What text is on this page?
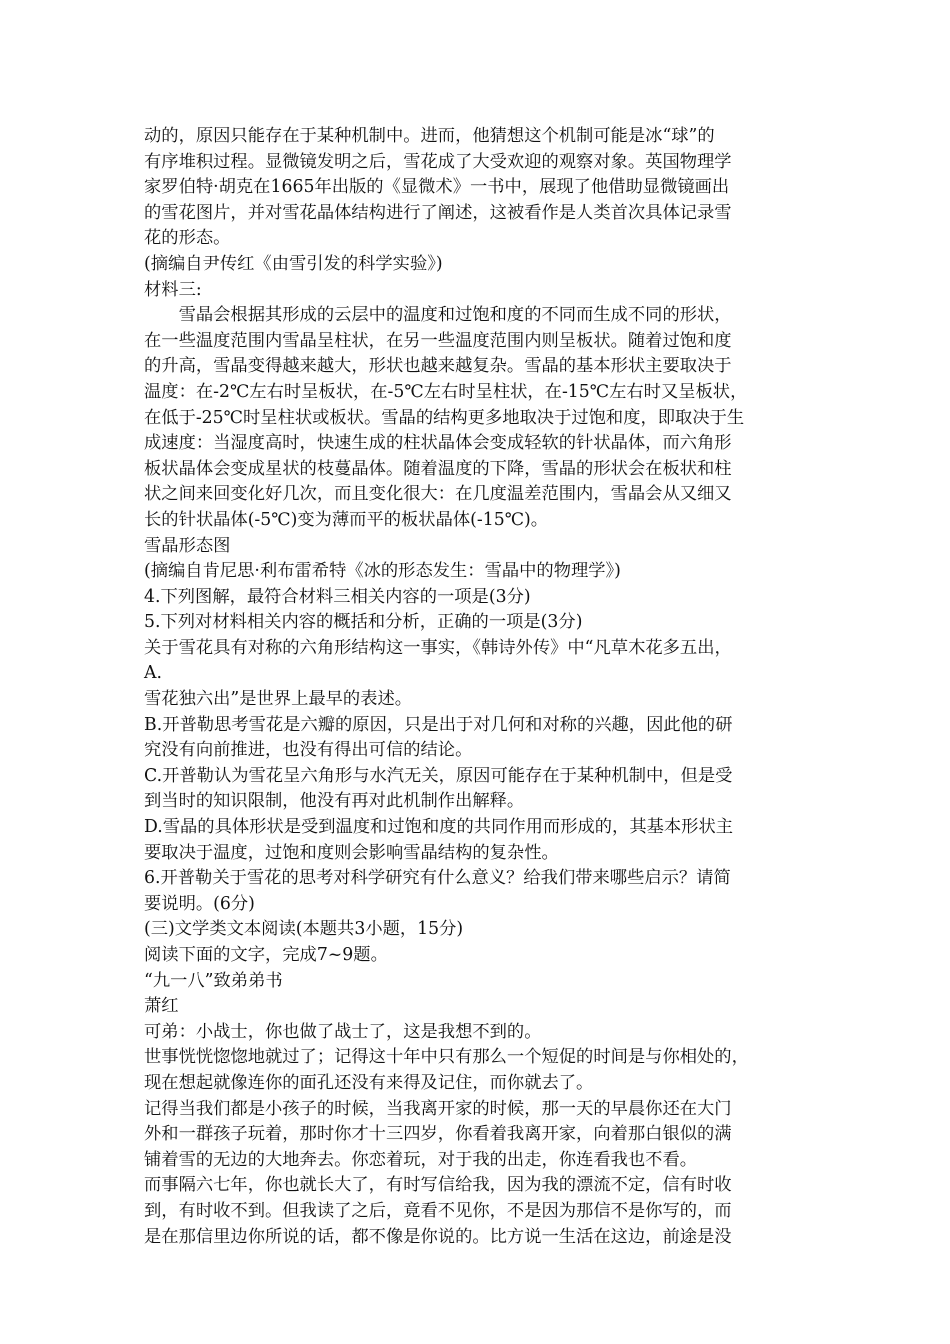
动的，原因只能存在于某种机制中。进而，他猜想这个机制可能是冰“球”的
有序堆积过程。显微镜发明之后，雪花成了大受欢迎的观察对象。英国物理学
家罗伯特·胡克在1665年出版的《显微术》一书中，展现了他借助显微镜画出
的雪花图片，并对雪花晶体结构进行了阐述，这被看作是人类首次具体记录雪
花的形态。
(摘编自尹传红《由雪引发的科学实验》)
材料三:
　　雪晶会根据其形成的云层中的温度和过饱和度的不同而生成不同的形状，
在一些温度范围内雪晶呈柱状，在另一些温度范围内则呈板状。随着过饱和度
的升高，雪晶变得越来越大，形状也越来越复杂。雪晶的基本形状主要取决于
温度：在-2℃左右时呈板状，在-5℃左右时呈柱状，在-15℃左右时又呈板状，
在低于-25℃时呈柱状或板状。雪晶的结构更多地取决于过饱和度，即取决于生
成速度：当湿度高时，快速生成的柱状晶体会变成轻软的针状晶体，而六角形
板状晶体会变成星状的枝蔓晶体。随着温度的下降，雪晶的形状会在板状和柱
状之间来回变化好几次，而且变化很大：在几度温差范围内，雪晶会从又细又
长的针状晶体(-5℃)变为薄而平的板状晶体(-15℃)。
雪晶形态图
(摘编自肯尼思·利布雷希特《冰的形态发生：雪晶中的物理学》)
4.下列图解，最符合材料三相关内容的一项是(3分)
5.下列对材料相关内容的概括和分析，正确的一项是(3分)
关于雪花具有对称的六角形结构这一事实，《韩诗外传》中“凡草木花多五出，
A.
雪花独六出”是世界上最早的表述。
B.开普勒思考雪花是六瓣的原因，只是出于对几何和对称的兴趣，因此他的研
究没有向前推进，也没有得出可信的结论。
C.开普勒认为雪花呈六角形与水汽无关，原因可能存在于某种机制中，但是受
到当时的知识限制，他没有再对此机制作出解释。
D.雪晶的具体形状是受到温度和过饱和度的共同作用而形成的，其基本形状主
要取决于温度，过饱和度则会影响雪晶结构的复杂性。
6.开普勒关于雪花的思考对科学研究有什么意义？给我们带来哪些启示？请简
要说明。(6分)
(三)文学类文本阅读(本题共3小题，15分)
阅读下面的文字，完成7~9题。
“九一八”致弟弟书
萧红
可弟：小战士，你也做了战士了，这是我想不到的。
世事恍恍惚惚地就过了；记得这十年中只有那么一个短促的时间是与你相处的，
现在想起就像连你的面孔还没有来得及记住，而你就去了。
记得当我们都是小孩子的时候，当我离开家的时候，那一天的早晨你还在大门
外和一群孩子玩着，那时你才十三四岁，你看着我离开家，向着那白银似的满
铺着雪的无边的大地奔去。你恋着玩，对于我的出走，你连看我也不看。
而事隔六七年，你也就长大了，有时写信给我，因为我的漂流不定，信有时收
到，有时收不到。但我读了之后，竟看不见你，不是因为那信不是你写的，而
是在那信里边你所说的话，都不像是你说的。比方说一生活在这边，前途是没
